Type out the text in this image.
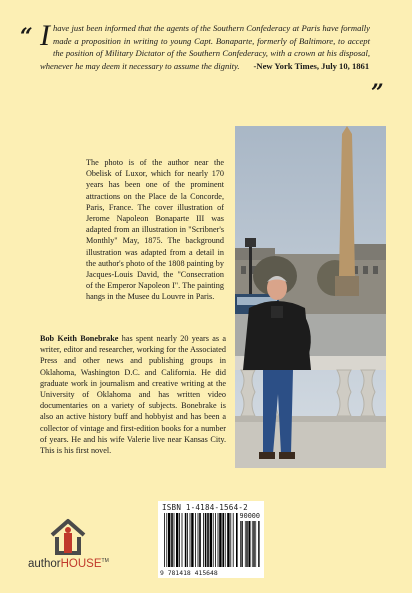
“ Ihave just been informed that the agents of the Southern Confederacy at Paris have formally made a proposition in writing to young Capt. Bonaparte, formerly of Baltimore, to accept the position of Military Dictator of the Southern Confederacy, with a crown at his disposal, whenever he may deem it necessary to assume the dignity. -New York Times, July 10, 1861
”
The photo is of the author near the Obelisk of Luxor, which for nearly 170 years has been one of the prominent attractions on the Place de la Concorde, Paris, France. The cover illustration of Jerome Napoleon Bonaparte III was adapted from an illustration in "Scribner's Monthly" May, 1875. The background illustration was adapted from a detail in the author's photo of the 1808 painting by Jacques-Louis David, the "Consecration of the Emperor Napoleon I". The painting hangs in the Musee du Louvre in Paris.
Bob Keith Bonebrake has spent nearly 20 years as a writer, editor and researcher, working for the Associated Press and other news and publishing groups in Oklahoma, Washington D.C. and California. He did graduate work in journalism and creative writing at the University of Oklahoma and has written video documentaries on a variety of subjects. Bonebrake is also an active history buff and hobbyist and has been a collector of vintage and first-edition books for a number of years. He and his wife Valerie live near Kansas City. This is his first novel.
authorHOUSE™
ISBN 1-4184-1564-2
90000
9 781418 415648
